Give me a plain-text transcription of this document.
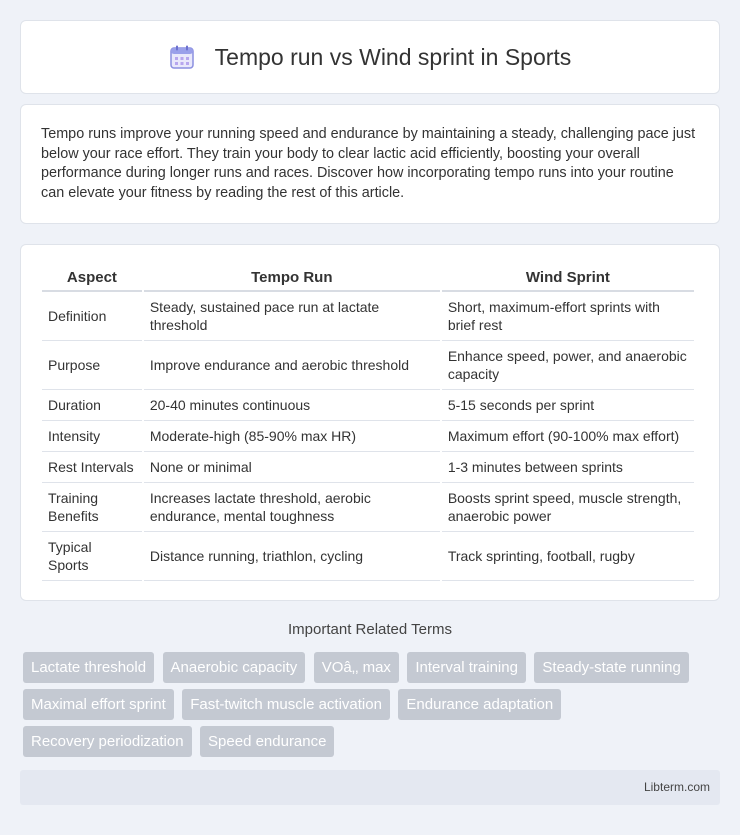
Tempo run vs Wind sprint in Sports

Tempo runs improve your running speed and endurance by maintaining a steady, challenging pace just below your race effort. They train your body to clear lactic acid efficiently, boosting your overall performance during longer runs and races. Discover how incorporating tempo runs into your routine can elevate your fitness by reading the rest of this article.

Aspect	Tempo Run	Wind Sprint
Definition	Steady, sustained pace run at lactate threshold	Short, maximum-effort sprints with brief rest
Purpose	Improve endurance and aerobic threshold	Enhance speed, power, and anaerobic capacity
Duration	20-40 minutes continuous	5-15 seconds per sprint
Intensity	Moderate-high (85-90% max HR)	Maximum effort (90-100% max effort)
Rest Intervals	None or minimal	1-3 minutes between sprints
Training Benefits	Increases lactate threshold, aerobic endurance, mental toughness	Boosts sprint speed, muscle strength, anaerobic power
Typical Sports	Distance running, triathlon, cycling	Track sprinting, football, rugby
Important Related Terms
Lactate threshold Anaerobic capacity VOâ‚‚ max Interval training Steady-state running Maximal effort sprint Fast-twitch muscle activation Endurance adaptation Recovery periodization Speed endurance
Libterm.com
